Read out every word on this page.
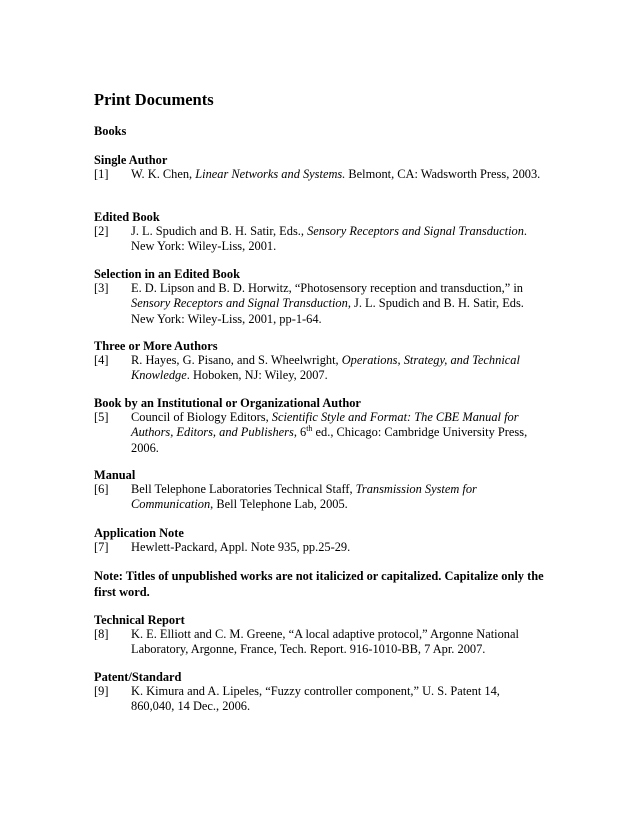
Print Documents
Books
Single Author
[1] W. K. Chen, Linear Networks and Systems. Belmont, CA: Wadsworth Press, 2003.
Edited Book
[2] J. L. Spudich and B. H. Satir, Eds., Sensory Receptors and Signal Transduction. New York: Wiley-Liss, 2001.
Selection in an Edited Book
[3] E. D. Lipson and B. D. Horwitz, “Photosensory reception and transduction,” in Sensory Receptors and Signal Transduction, J. L. Spudich and B. H. Satir, Eds. New York: Wiley-Liss, 2001, pp-1-64.
Three or More Authors
[4] R. Hayes, G. Pisano, and S. Wheelwright, Operations, Strategy, and Technical Knowledge. Hoboken, NJ: Wiley, 2007.
Book by an Institutional or Organizational Author
[5] Council of Biology Editors, Scientific Style and Format: The CBE Manual for Authors, Editors, and Publishers, 6th ed., Chicago: Cambridge University Press, 2006.
Manual
[6] Bell Telephone Laboratories Technical Staff, Transmission System for Communication, Bell Telephone Lab, 2005.
Application Note
[7] Hewlett-Packard, Appl. Note 935, pp.25-29.
Note: Titles of unpublished works are not italicized or capitalized. Capitalize only the first word.
Technical Report
[8] K. E. Elliott and C. M. Greene, “A local adaptive protocol,” Argonne National Laboratory, Argonne, France, Tech. Report. 916-1010-BB, 7 Apr. 2007.
Patent/Standard
[9] K. Kimura and A. Lipeles, “Fuzzy controller component,” U. S. Patent 14, 860,040, 14 Dec., 2006.
